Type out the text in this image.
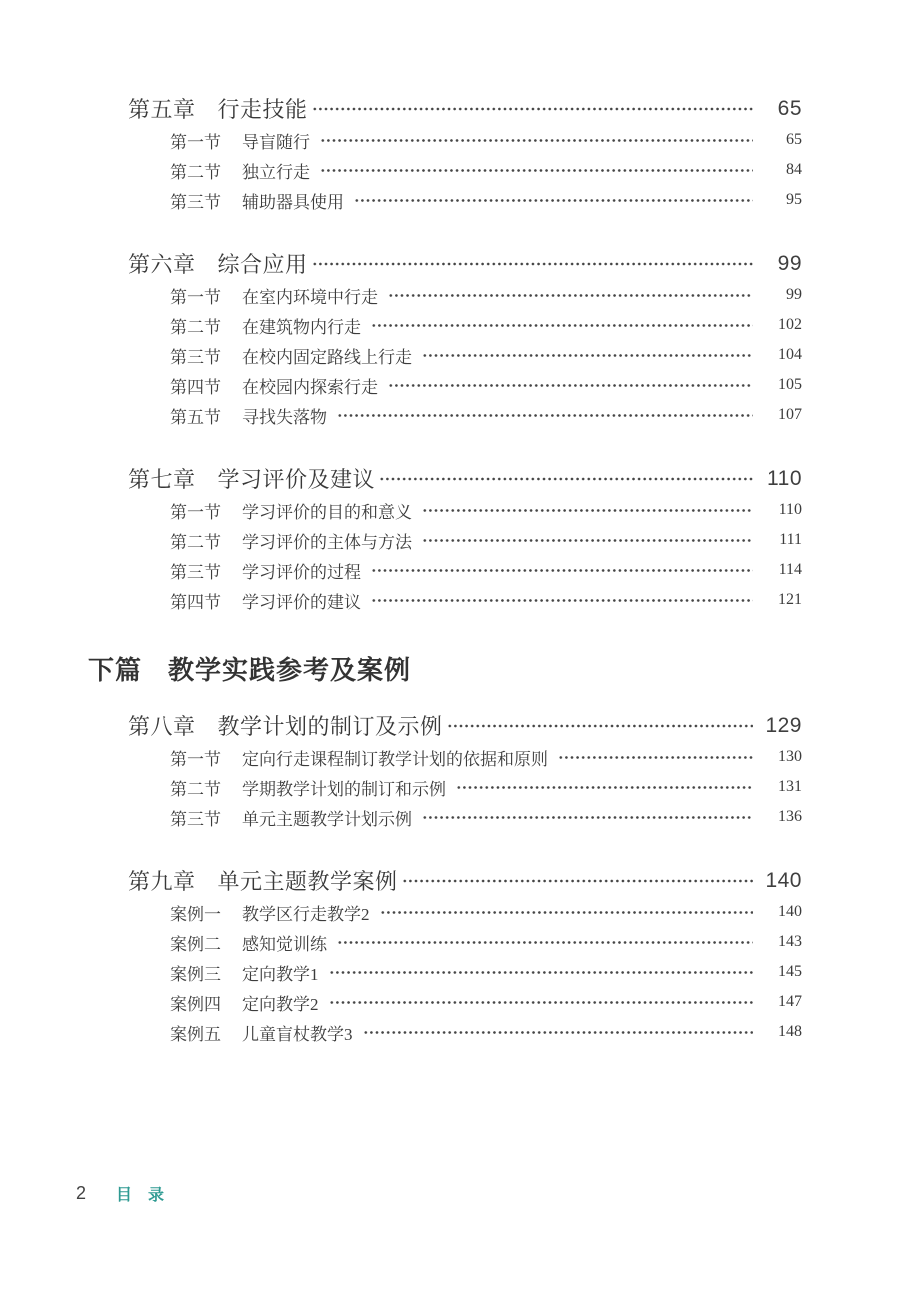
第五章 行走技能	65
第一节 导盲随行	65
第二节 独立行走	84
第三节 辅助器具使用	95
第六章 综合应用	99
第一节 在室内环境中行走	99
第二节 在建筑物内行走	102
第三节 在校内固定路线上行走	104
第四节 在校园内探索行走	105
第五节 寻找失落物	107
第七章 学习评价及建议	110
第一节 学习评价的目的和意义	110
第二节 学习评价的主体与方法	111
第三节 学习评价的过程	114
第四节 学习评价的建议	121
下篇 教学实践参考及案例
第八章 教学计划的制订及示例	129
第一节 定向行走课程制订教学计划的依据和原则	130
第二节 学期教学计划的制订和示例	131
第三节 单元主题教学计划示例	136
第九章 单元主题教学案例	140
案例一 教学区行走教学2	140
案例二 感知觉训练	143
案例三 定向教学1	145
案例四 定向教学2	147
案例五 儿童盲杖教学3	148
2 目　录
